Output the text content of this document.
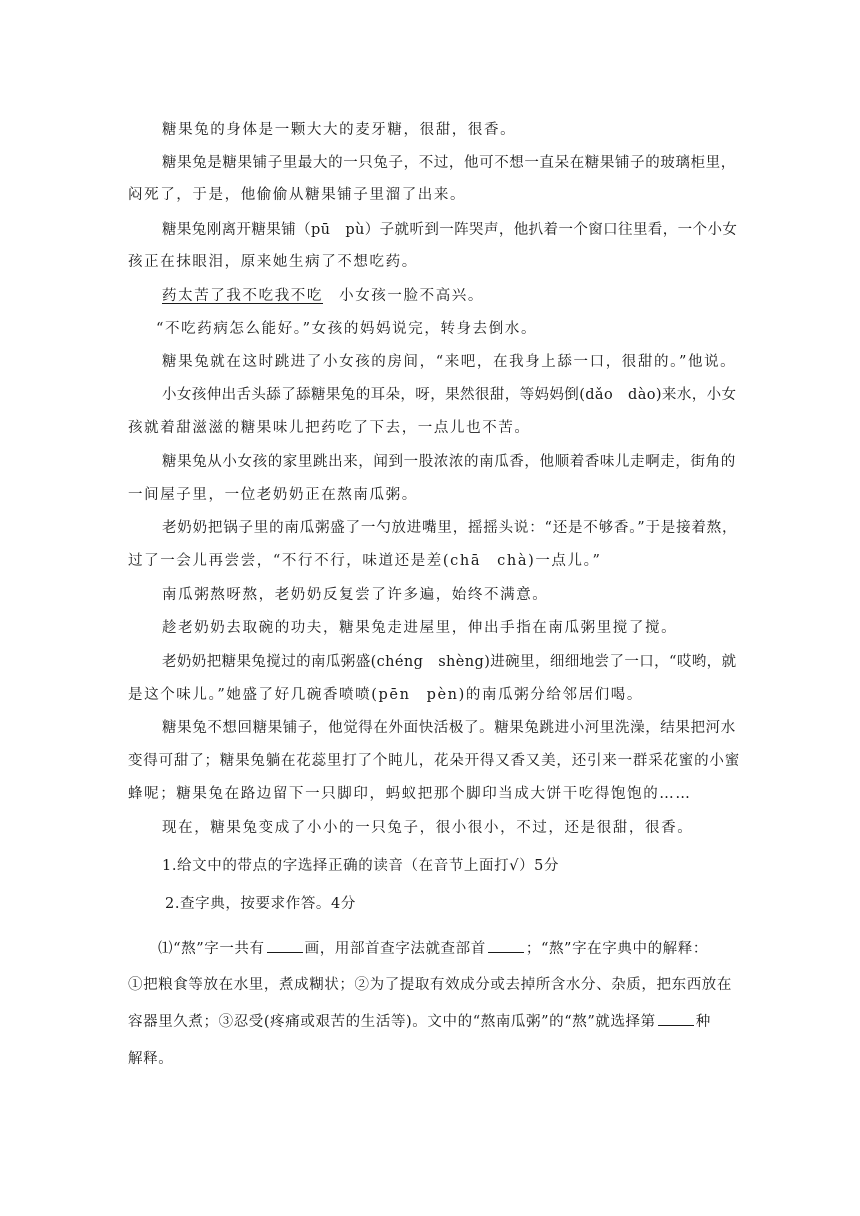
糖果兔的身体是一颗大大的麦牙糖，很甜，很香。

糖果兔是糖果铺子里最大的一只兔子，不过，他可不想一直呆在糖果铺子的玻璃柜里，

闷死了，于是，他偷偷从糖果铺子里溜了出来。

糖果兔刚离开糖果铺（pū　pù）子就听到一阵哭声，他扒着一个窗口往里看，一个小女

孩正在抹眼泪，原来她生病了不想吃药。

药太苦了我不吃我不吃　小女孩一脸不高兴。

“不吃药病怎么能好。”女孩的妈妈说完，转身去倒水。

糖果兔就在这时跳进了小女孩的房间，“来吧，在我身上舔一口，很甜的。”他说。

小女孩伸出舌头舔了舔糖果兔的耳朵，呀，果然很甜，等妈妈倒(dǎo　dào)来水，小女

孩就着甜滋滋的糖果味儿把药吃了下去，一点儿也不苦。

糖果兔从小女孩的家里跳出来，闻到一股浓浓的南瓜香，他顺着香味儿走啊走，街角的

一间屋子里，一位老奶奶正在熬南瓜粥。

老奶奶把锅子里的南瓜粥盛了一勺放进嘴里，摇摇头说：“还是不够香。”于是接着熬，

过了一会儿再尝尝，“不行不行，味道还是差(chā　chà)一点儿。”

南瓜粥熬呀熬，老奶奶反复尝了许多遍，始终不满意。

趁老奶奶去取碗的功夫，糖果兔走进屋里，伸出手指在南瓜粥里搅了搅。

老奶奶把糖果兔搅过的南瓜粥盛(chéng　shèng)进碗里，细细地尝了一口，“哎哟，就

是这个味儿。”她盛了好几碗香喷喷(pēn　pèn)的南瓜粥分给邻居们喝。

糖果兔不想回糖果铺子，他觉得在外面快活极了。糖果兔跳进小河里洗澡，结果把河水

变得可甜了；糖果兔躺在花蕊里打了个盹儿，花朵开得又香又美，还引来一群采花蜜的小蜜

蜂呢；糖果兔在路边留下一只脚印，蚂蚁把那个脚印当成大饼干吃得饱饱的……

现在，糖果兔变成了小小的一只兔子，很小很小，不过，还是很甜，很香。

1.给文中的带点的字选择正确的读音（在音节上面打√）5分

2.查字典，按要求作答。4分

⑴“熬”字一共有	画，用部首查字法就查部首	；“熬”字在字典中的解释：

①把粮食等放在水里，煮成糊状；②为了提取有效成分或去掉所含水分、杂质，把东西放在

容器里久煮；③忍受(疼痛或艰苦的生活等)。文中的“熬南瓜粥”的“熬”就选择第	种

解释。
